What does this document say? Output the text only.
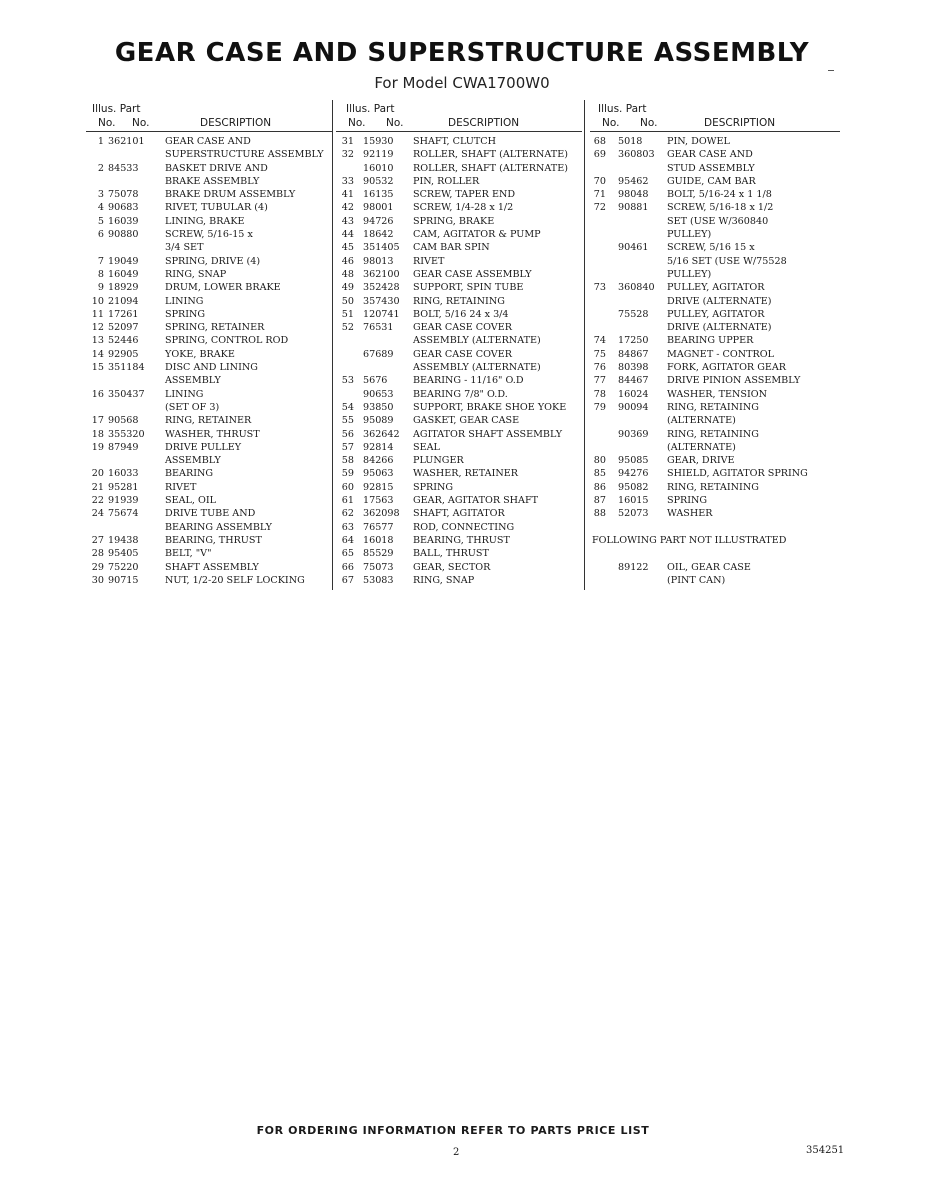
GEAR CASE AND SUPERSTRUCTURE ASSEMBLY
For Model CWA1700W0
Illus. Part
No. No.	DESCRIPTION
1 362101 GEAR CASE AND
SUPERSTRUCTURE ASSEMBLY
2 84533	BASKET DRIVE AND
BRAKE ASSEMBLY
3 75078	BRAKE DRUM ASSEMBLY
4 90683	RIVET, TUBULAR (4)
5 16039	LINING, BRAKE
6 90880	SCREW, 5/16-15 x
3/4 SET
7 19049	SPRING, DRIVE (4)
8 16049	RING, SNAP
9 18929	DRUM, LOWER BRAKE
10 21094	LINING
11 17261	SPRING
12 52097	SPRING, RETAINER
13 52446	SPRING, CONTROL ROD
14 92905	YOKE, BRAKE
15 351184 DISC AND LINING
ASSEMBLY
16 350437 LINING
(SET OF 3)
17 90568	RING, RETAINER
18 355320 WASHER, THRUST
19 87949	DRIVE PULLEY
ASSEMBLY
20 16033	BEARING
21 95281	RIVET
22 91939	SEAL, OIL
24 75674	DRIVE TUBE AND
BEARING ASSEMBLY
27 19438	BEARING, THRUST
28 95405	BELT, "V"
29 75220	SHAFT ASSEMBLY
30 90715	NUT, 1/2-20 SELF LOCKING
Illus. Part
No. No.	DESCRIPTION
31 15930 SHAFT, CLUTCH
32 92119 ROLLER, SHAFT (ALTERNATE)
16010 ROLLER, SHAFT (ALTERNATE)
33 90532 PIN, ROLLER
41 16135 SCREW, TAPER END
42 98001 SCREW, 1/4-28 x 1/2
43 94726 SPRING, BRAKE
44 18642 CAM, AGITATOR & PUMP
45 351405 CAM BAR SPIN
46 98013 RIVET
48 362100 GEAR CASE ASSEMBLY
49 352428 SUPPORT, SPIN TUBE
50 357430 RING, RETAINING
51 120741 BOLT, 5/16 24 x 3/4
52 76531 GEAR CASE COVER
ASSEMBLY (ALTERNATE)
67689 GEAR CASE COVER
ASSEMBLY (ALTERNATE)
53 5676	BEARING - 11/16" O.D
90653 BEARING 7/8" O.D.
54 93850 SUPPORT, BRAKE SHOE YOKE
55 95089 GASKET, GEAR CASE
56 362642 AGITATOR SHAFT ASSEMBLY
57 92814 SEAL
58 84266 PLUNGER
59 95063 WASHER, RETAINER
60 92815 SPRING
61 17563 GEAR, AGITATOR SHAFT
62 362098 SHAFT, AGITATOR
63 76577 ROD, CONNECTING
64 16018 BEARING, THRUST
65 85529 BALL, THRUST
66 75073 GEAR, SECTOR
67 53083 RING, SNAP
Illus. Part
No. No.	DESCRIPTION
68 5018	PIN, DOWEL
69 360803 GEAR CASE AND
STUD ASSEMBLY
70 95462 GUIDE, CAM BAR
71 98048 BOLT, 5/16-24 x 1 1/8
72 90881 SCREW, 5/16-18 x 1/2
SET (USE W/360840
PULLEY)
90461 SCREW, 5/16 15 x
5/16 SET (USE W/75528
PULLEY)
73 360840 PULLEY, AGITATOR
DRIVE (ALTERNATE)
75528 PULLEY, AGITATOR
DRIVE (ALTERNATE)
74 17250 BEARING UPPER
75 84867 MAGNET - CONTROL
76 80398 FORK, AGITATOR GEAR
77 84467 DRIVE PINION ASSEMBLY
78 16024 WASHER, TENSION
79 90094 RING, RETAINING
(ALTERNATE)
90369 RING, RETAINING
(ALTERNATE)
80 95085 GEAR, DRIVE
85 94276 SHIELD, AGITATOR SPRING
86 95082 RING, RETAINING
87 16015 SPRING
88 52073 WASHER
FOLLOWING PART NOT ILLUSTRATED
89122 OIL, GEAR CASE
(PINT CAN)
FOR ORDERING INFORMATION REFER TO PARTS PRICE LIST
2	354251
